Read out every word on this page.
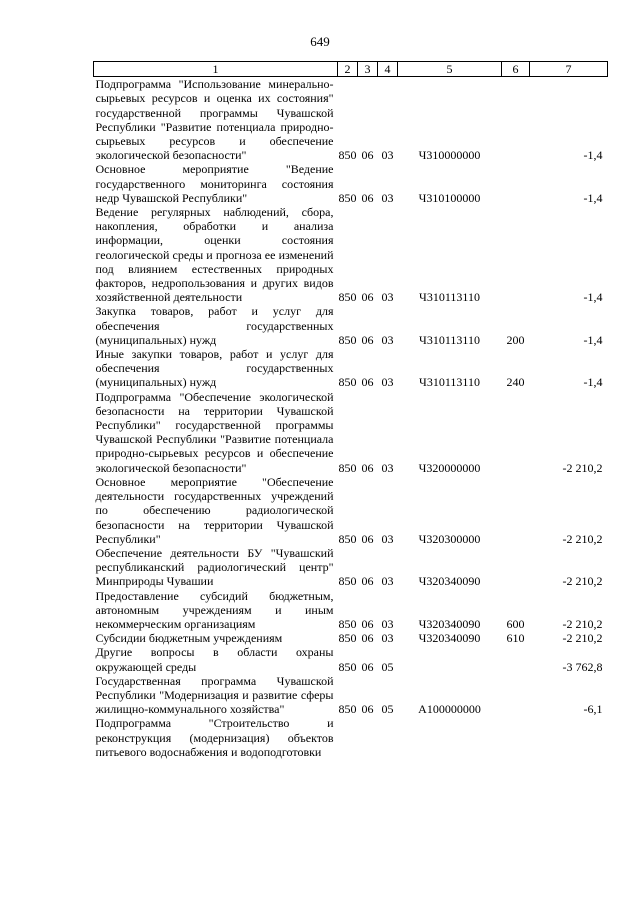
649
1	2	3	4	5	6	7
Подпрограмма "Использование минерально-сырьевых ресурсов и оценка их состояния" государственной программы Чувашской Республики "Развитие потенциала природно-сырьевых ресурсов и обеспечение экологической безопасности"	850	06	03	Ч310000000		-1,4
Основное мероприятие "Ведение государственного мониторинга состояния недр Чувашской Республики"	850	06	03	Ч310100000		-1,4
Ведение регулярных наблюдений, сбора, накопления, обработки и анализа информации, оценки состояния геологической среды и прогноза ее изменений под влиянием естественных природных факторов, недропользования и других видов хозяйственной деятельности	850	06	03	Ч310113110		-1,4
Закупка товаров, работ и услуг для обеспечения государственных (муниципальных) нужд	850	06	03	Ч310113110	200	-1,4
Иные закупки товаров, работ и услуг для обеспечения государственных (муниципальных) нужд	850	06	03	Ч310113110	240	-1,4
Подпрограмма "Обеспечение экологической безопасности на территории Чувашской Республики" государственной программы Чувашской Республики "Развитие потенциала природно-сырьевых ресурсов и обеспечение экологической безопасности"	850	06	03	Ч320000000		-2 210,2
Основное мероприятие "Обеспечение деятельности государственных учреждений по обеспечению радиологической безопасности на территории Чувашской Республики"	850	06	03	Ч320300000		-2 210,2
Обеспечение деятельности БУ "Чувашский республиканский радиологический центр" Минприроды Чувашии	850	06	03	Ч320340090		-2 210,2
Предоставление субсидий бюджетным, автономным учреждениям и иным некоммерческим организациям	850	06	03	Ч320340090	600	-2 210,2
Субсидии бюджетным учреждениям	850	06	03	Ч320340090	610	-2 210,2
Другие вопросы в области охраны окружающей среды	850	06	05			-3 762,8
Государственная программа Чувашской Республики "Модернизация и развитие сферы жилищно-коммунального хозяйства"	850	06	05	А100000000		-6,1
Подпрограмма "Строительство и реконструкция (модернизация) объектов питьевого водоснабжения и водоподготовки						
